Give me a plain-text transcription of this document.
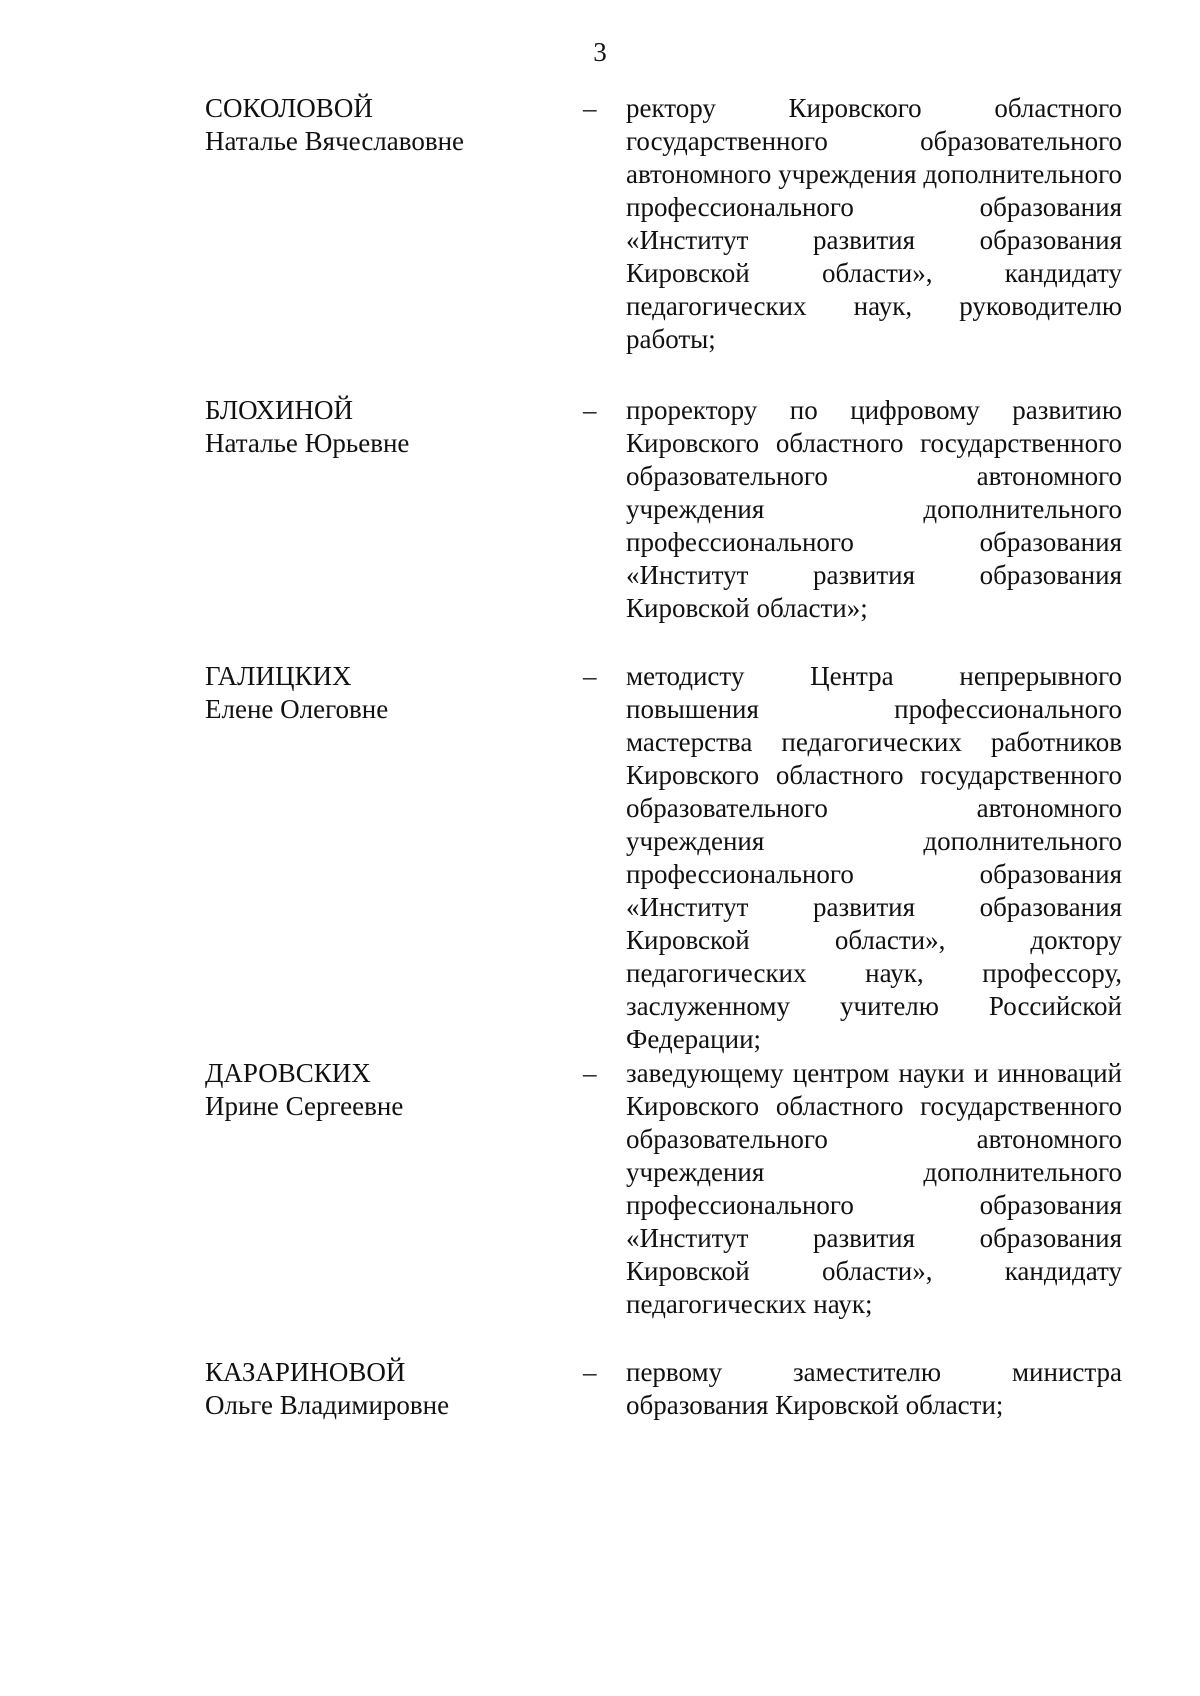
3
СОКОЛОВОЙ
Наталье Вячеславовне
– ректору Кировского областного государственного образовательного автономного учреждения дополнительного профессионального образования «Институт развития образования Кировской области», кандидату педагогических наук, руководителю работы;
БЛОХИНОЙ
Наталье Юрьевне
– проректору по цифровому развитию Кировского областного государственного образовательного автономного учреждения дополнительного профессионального образования «Институт развития образования Кировской области»;
ГАЛИЦКИХ
Елене Олеговне
– методисту Центра непрерывного повышения профессионального мастерства педагогических работников Кировского областного государственного образовательного автономного учреждения дополнительного профессионального образования «Институт развития образования Кировской области», доктору педагогических наук, профессору, заслуженному учителю Российской Федерации;
ДАРОВСКИХ
Ирине Сергеевне
– заведующему центром науки и инноваций Кировского областного государственного образовательного автономного учреждения дополнительного профессионального образования «Институт развития образования Кировской области», кандидату педагогических наук;
КАЗАРИНОВОЙ
Ольге Владимировне
– первому заместителю министра образования Кировской области;
